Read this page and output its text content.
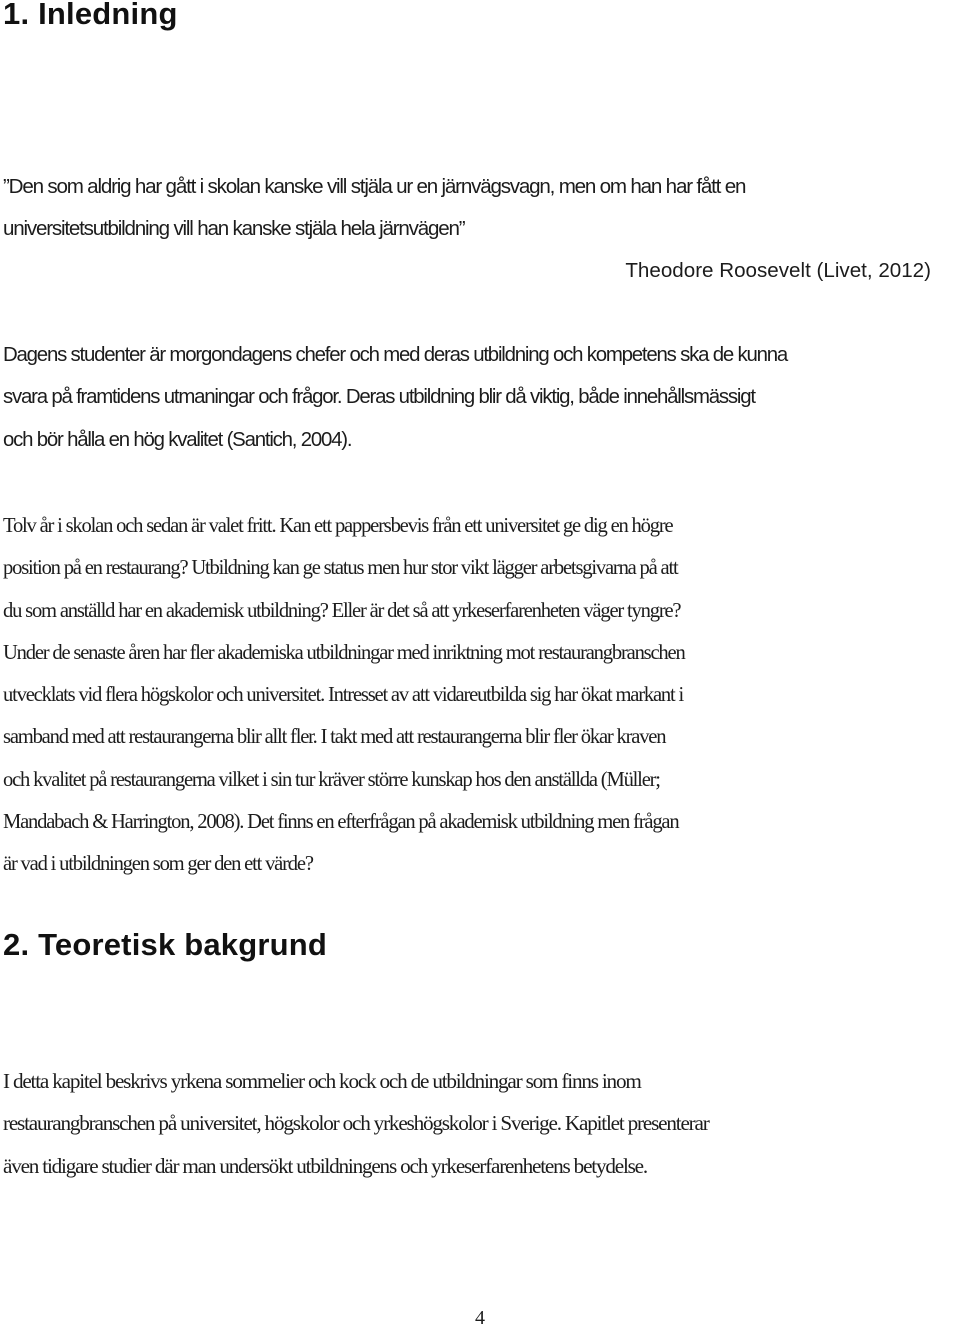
1. Inledning
”Den som aldrig har gått i skolan kanske vill stjäla ur en järnvägsvagn, men om han har fått en
universitetsutbildning vill han kanske stjäla hela järnvägen”
Theodore Roosevelt (Livet, 2012)

Dagens studenter är morgondagens chefer och med deras utbildning och kompetens ska de kunna
svara på framtidens utmaningar och frågor. Deras utbildning blir då viktig, både innehållsmässigt
och bör hålla en hög kvalitet (Santich, 2004).

Tolv år i skolan och sedan är valet fritt. Kan ett pappersbevis från ett universitet ge dig en högre
position på en restaurang? Utbildning kan ge status men hur stor vikt lägger arbetsgivarna på att
du som anställd har en akademisk utbildning? Eller är det så att yrkeserfarenheten väger tyngre?
Under de senaste åren har fler akademiska utbildningar med inriktning mot restaurangbranschen
utvecklats vid flera högskolor och universitet. Intresset av att vidareutbilda sig har ökat markant i
samband med att restaurangerna blir allt fler. I takt med att restaurangerna blir fler ökar kraven
och kvalitet på restaurangerna vilket i sin tur kräver större kunskap hos den anställda (Müller;
Mandabach & Harrington, 2008). Det finns en efterfrågan på akademisk utbildning men frågan
är vad i utbildningen som ger den ett värde?

2. Teoretisk bakgrund

I detta kapitel beskrivs yrkena sommelier och kock och de utbildningar som finns inom
restaurangbranschen på universitet, högskolor och yrkeshögskolor i Sverige. Kapitlet presenterar
även tidigare studier där man undersökt utbildningens och yrkeserfarenhetens betydelse.

4
